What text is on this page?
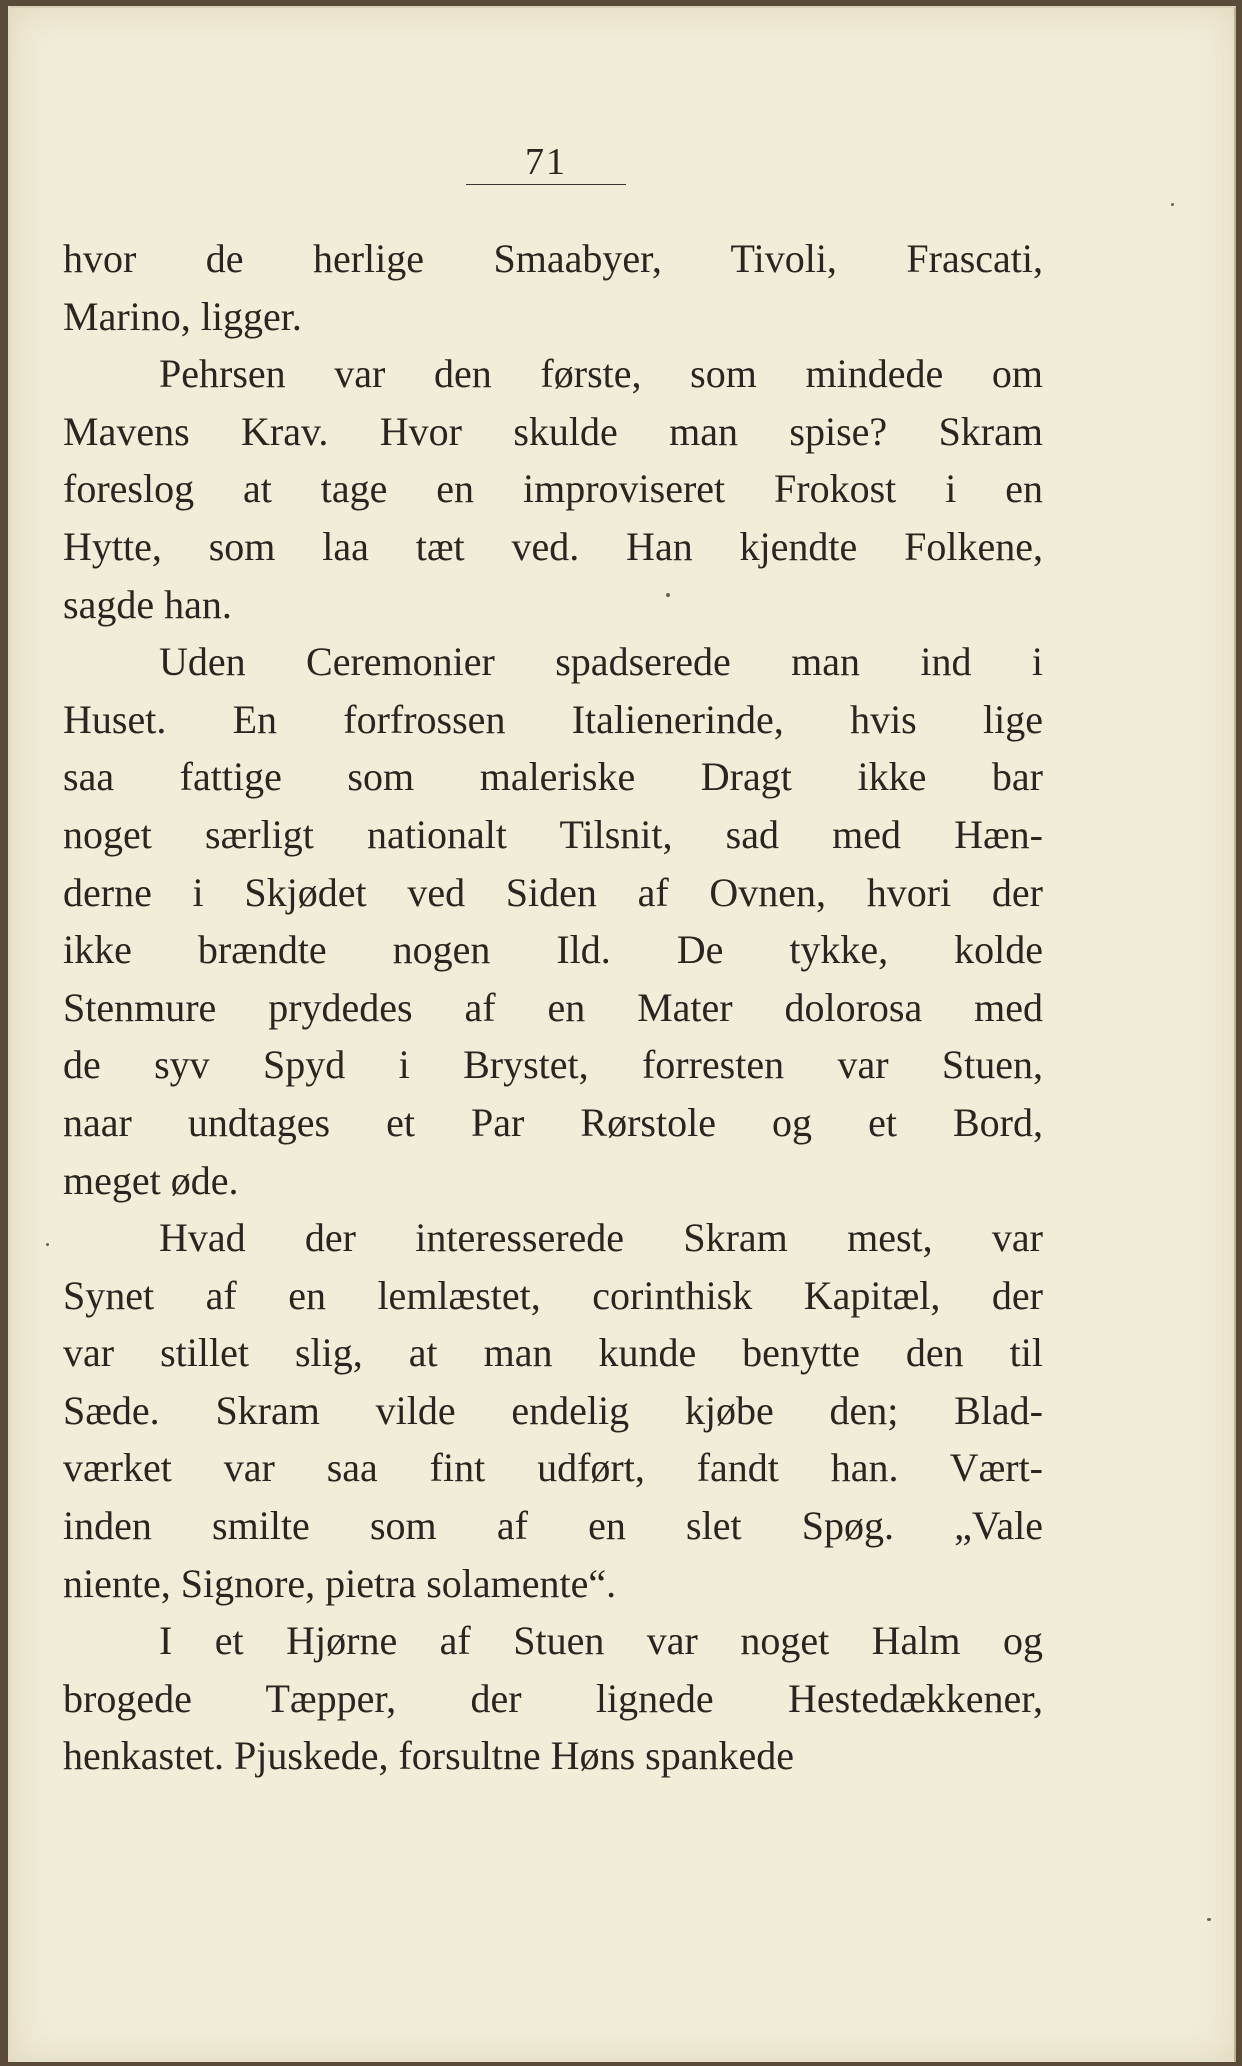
71
hvor de herlige Smaabyer, Tivoli, Frascati,
Marino, ligger.
Pehrsen var den første, som mindede om
Mavens Krav. Hvor skulde man spise? Skram
foreslog at tage en improviseret Frokost i en
Hytte, som laa tæt ved. Han kjendte Folkene,
sagde han.
Uden Ceremonier spadserede man ind i
Huset. En forfrossen Italienerinde, hvis lige
saa fattige som maleriske Dragt ikke bar
noget særligt nationalt Tilsnit, sad med Hæn-
derne i Skjødet ved Siden af Ovnen, hvori der
ikke brændte nogen Ild. De tykke, kolde
Stenmure prydedes af en Mater dolorosa med
de syv Spyd i Brystet, forresten var Stuen,
naar undtages et Par Rørstole og et Bord,
meget øde.
Hvad der interesserede Skram mest, var
Synet af en lemlæstet, corinthisk Kapitæl, der
var stillet slig, at man kunde benytte den til
Sæde. Skram vilde endelig kjøbe den; Blad-
værket var saa fint udført, fandt han. Vært-
inden smilte som af en slet Spøg. „Vale
niente, Signore, pietra solamente“.
I et Hjørne af Stuen var noget Halm og
brogede Tæpper, der lignede Hestedækkener,
henkastet. Pjuskede, forsultne Høns spankede
